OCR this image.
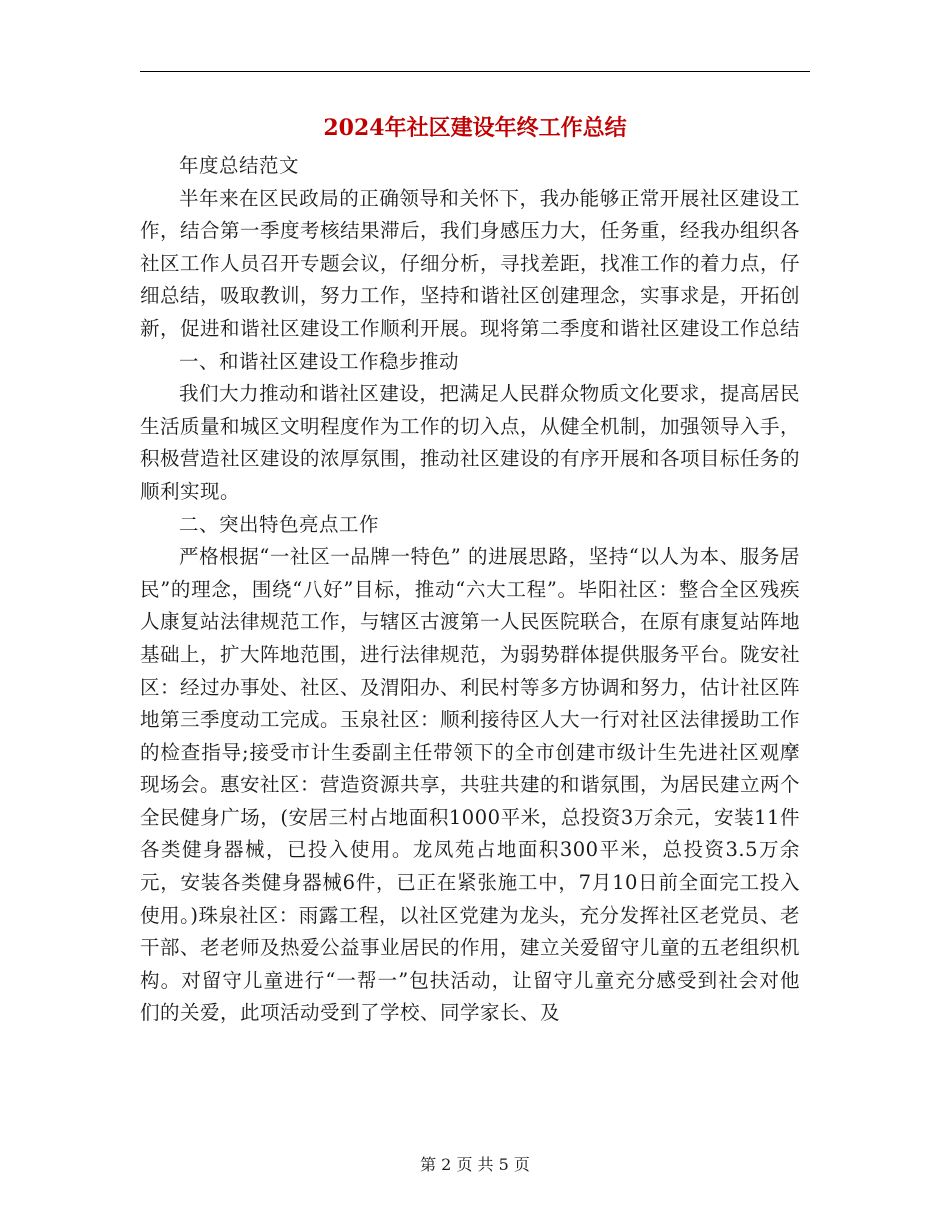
2024年社区建设年终工作总结

年度总结范文

半年来在区民政局的正确领导和关怀下，我办能够正常开展社区建设工作，结合第一季度考核结果滞后，我们身感压力大，任务重，经我办组织各社区工作人员召开专题会议，仔细分析，寻找差距，找准工作的着力点，仔细总结，吸取教训，努力工作，坚持和谐社区创建理念，实事求是，开拓创新，促进和谐社区建设工作顺利开展。现将第二季度和谐社区建设工作总结

一、和谐社区建设工作稳步推动

我们大力推动和谐社区建设，把满足人民群众物质文化要求，提高居民生活质量和城区文明程度作为工作的切入点，从健全机制，加强领导入手，积极营造社区建设的浓厚氛围，推动社区建设的有序开展和各项目标任务的顺利实现。

二、突出特色亮点工作

严格根据“一社区一品牌一特色” 的进展思路，坚持“以人为本、服务居民”的理念，围绕“八好”目标，推动“六大工程”。毕阳社区：整合全区残疾人康复站法律规范工作，与辖区古渡第一人民医院联合，在原有康复站阵地基础上，扩大阵地范围，进行法律规范，为弱势群体提供服务平台。陇安社区：经过办事处、社区、及渭阳办、利民村等多方协调和努力，估计社区阵地第三季度动工完成。玉泉社区：顺利接待区人大一行对社区法律援助工作的检查指导;接受市计生委副主任带领下的全市创建市级计生先进社区观摩现场会。惠安社区：营造资源共享，共驻共建的和谐氛围，为居民建立两个全民健身广场，(安居三村占地面积1000平米，总投资3万余元，安装11件各类健身器械，已投入使用。龙凤苑占地面积300平米，总投资3.5万余元，安装各类健身器械6件，已正在紧张施工中，7月10日前全面完工投入使用。)珠泉社区：雨露工程，以社区党建为龙头，充分发挥社区老党员、老干部、老老师及热爱公益事业居民的作用，建立关爱留守儿童的五老组织机构。对留守儿童进行“一帮一”包扶活动，让留守儿童充分感受到社会对他们的关爱，此项活动受到了学校、同学家长、及

第 2 页 共 5 页
